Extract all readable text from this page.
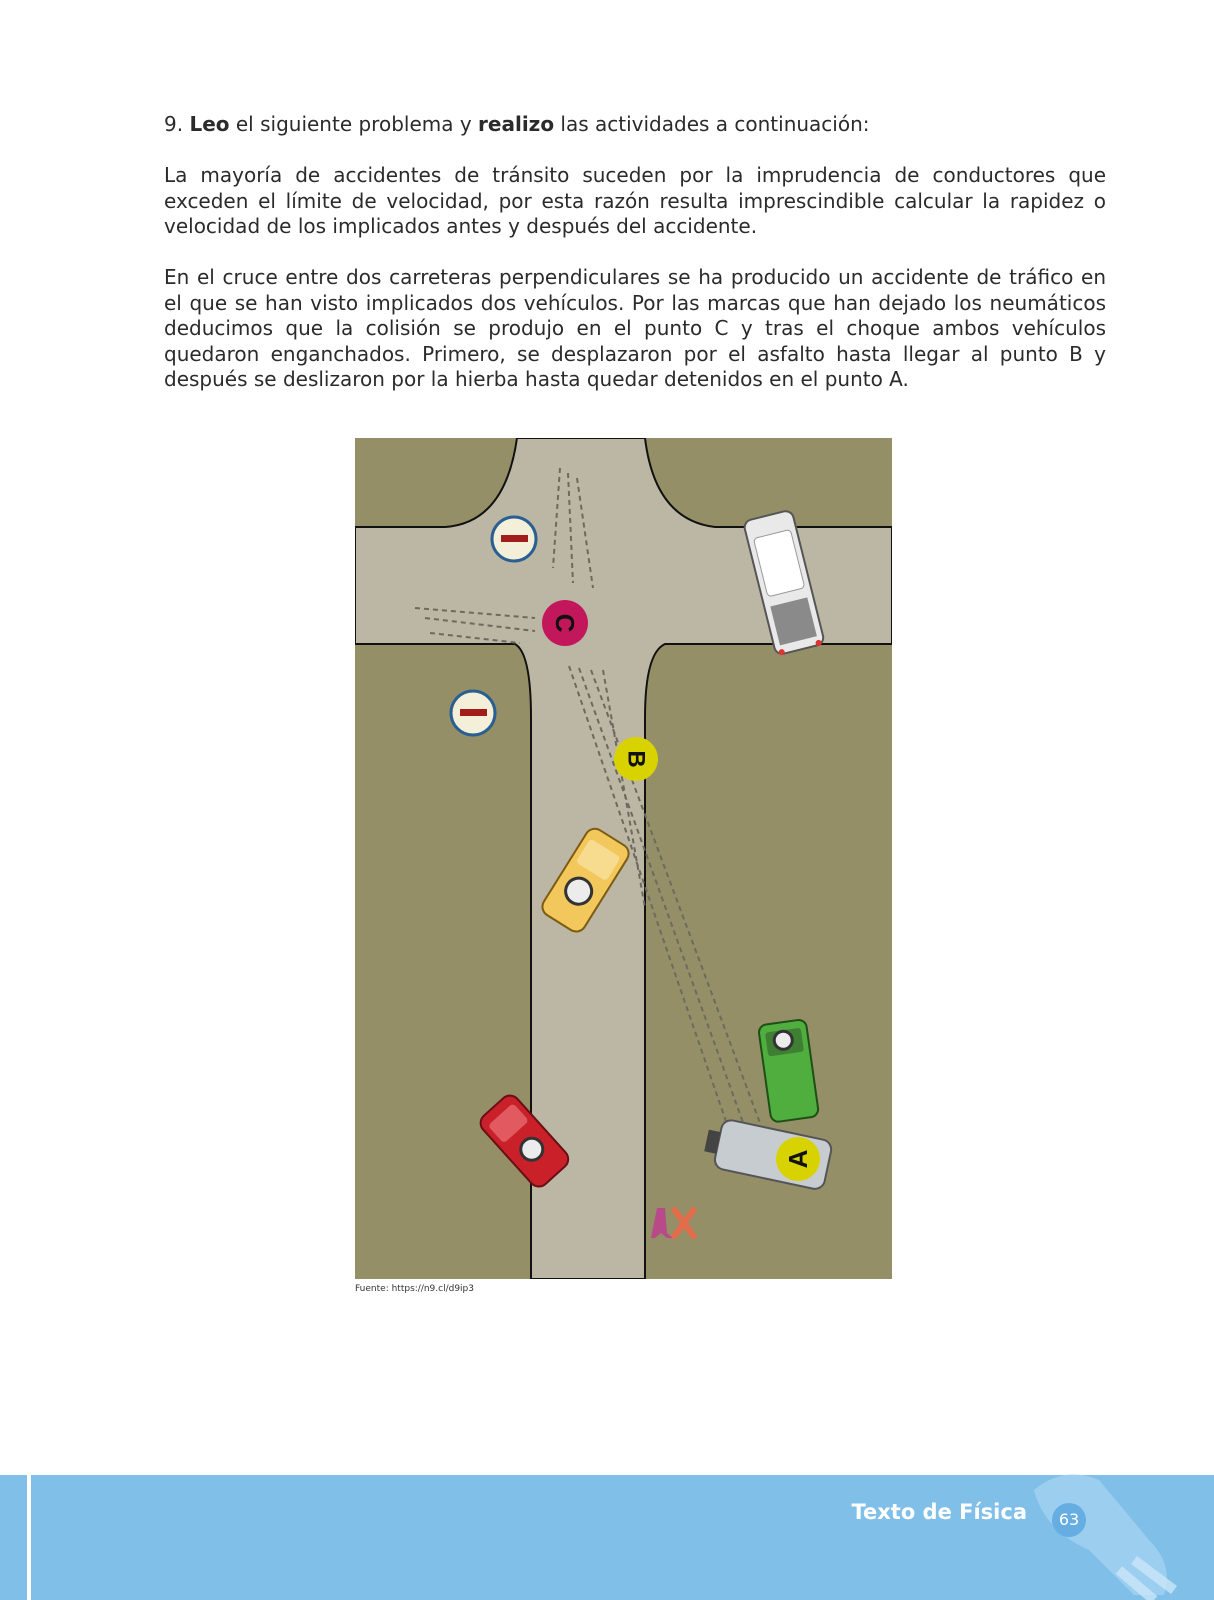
9. Leo el siguiente problema y realizo las actividades a continuación:

La mayoría de accidentes de tránsito suceden por la imprudencia de conductores que exceden el límite de velocidad, por esta razón resulta imprescindible calcular la rapidez o velocidad de los implicados antes y después del accidente.

En el cruce entre dos carreteras perpendiculares se ha producido un accidente de tráfico en el que se han visto implicados dos vehículos. Por las marcas que han dejado los neumáticos deducimos que la colisión se produjo en el punto C y tras el choque ambos vehículos quedaron enganchados. Primero, se desplazaron por el asfalto hasta llegar al punto B y después se deslizaron por la hierba hasta quedar detenidos en el punto A.

C
B
A
Fuente: https://n9.cl/d9ip3
Texto de Física	63
